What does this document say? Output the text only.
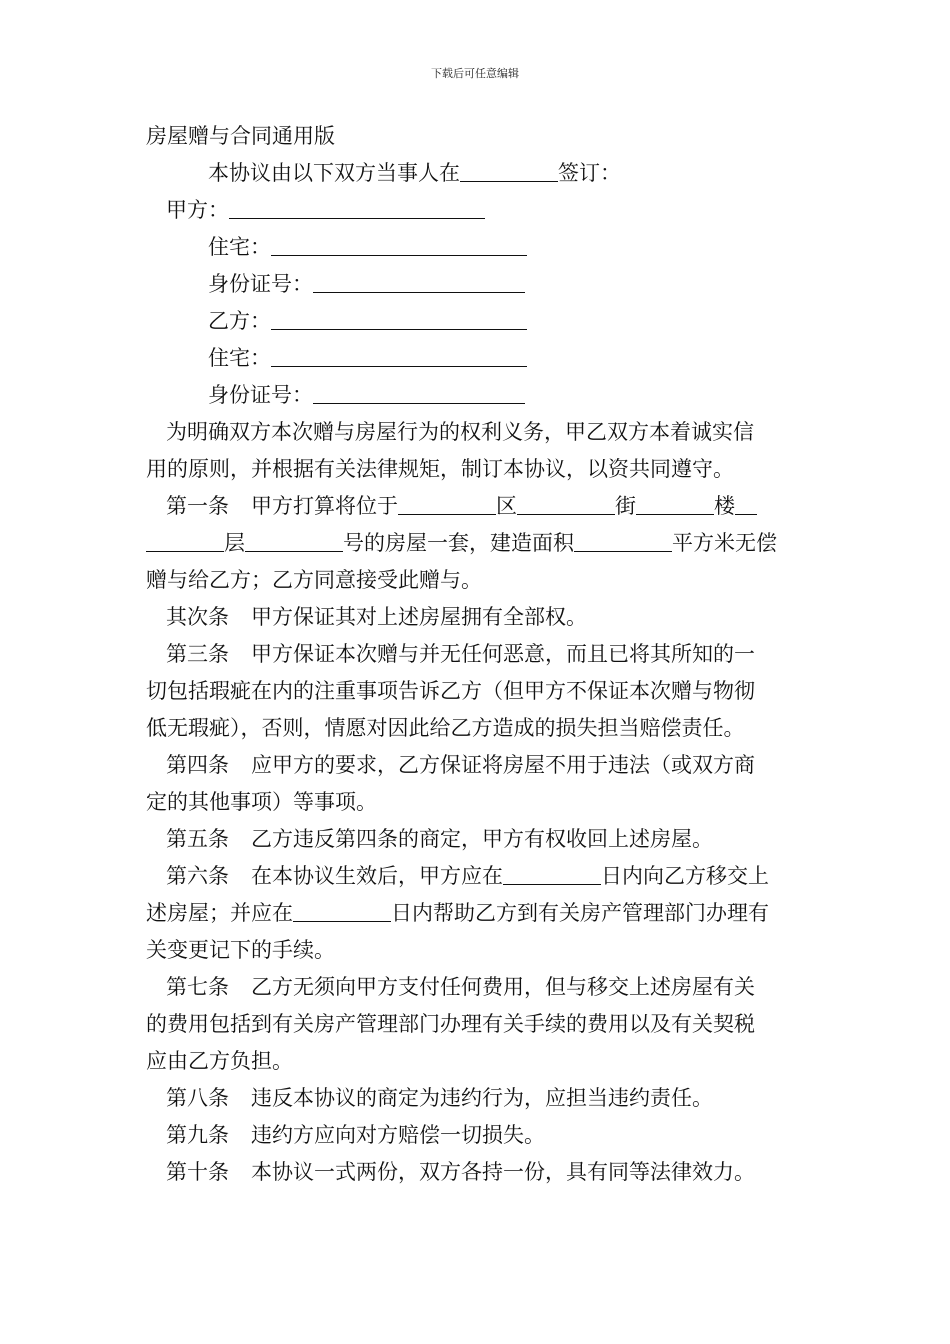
下载后可任意编辑
房屋赠与合同通用版
本协议由以下双方当事人在	签订：
甲方：
住宅：
身份证号：
乙方：
住宅：
身份证号：
为明确双方本次赠与房屋行为的权利义务，甲乙双方本着诚实信
用的原则，并根据有关法律规矩，制订本协议，以资共同遵守。
第一条 甲方打算将位于	区	街	楼
层	号的房屋一套，建造面积	平方米无偿
赠与给乙方；乙方同意接受此赠与。
其次条 甲方保证其对上述房屋拥有全部权。
第三条 甲方保证本次赠与并无任何恶意，而且已将其所知的一
切包括瑕疵在内的注重事项告诉乙方（但甲方不保证本次赠与物彻
低无瑕疵），否则，情愿对因此给乙方造成的损失担当赔偿责任。
第四条 应甲方的要求，乙方保证将房屋不用于违法（或双方商
定的其他事项）等事项。
第五条 乙方违反第四条的商定，甲方有权收回上述房屋。
第六条 在本协议生效后，甲方应在	日内向乙方移交上
述房屋；并应在	日内帮助乙方到有关房产管理部门办理有
关变更记下的手续。
第七条 乙方无须向甲方支付任何费用，但与移交上述房屋有关
的费用包括到有关房产管理部门办理有关手续的费用以及有关契税
应由乙方负担。
第八条 违反本协议的商定为违约行为，应担当违约责任。
第九条 违约方应向对方赔偿一切损失。
第十条 本协议一式两份，双方各持一份，具有同等法律效力。
